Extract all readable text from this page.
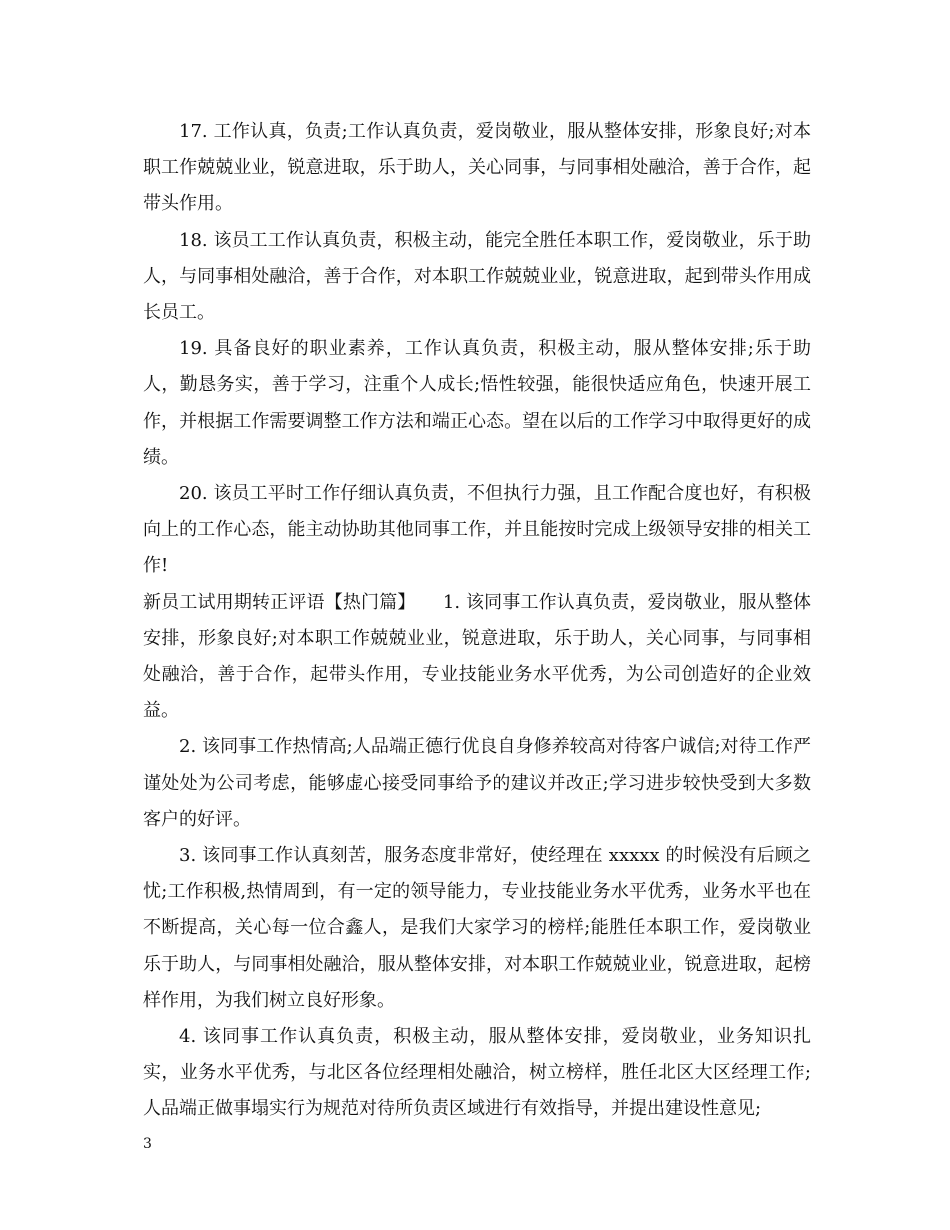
17. 工作认真，负责;工作认真负责，爱岗敬业，服从整体安排，形象良好;对本职工作兢兢业业，锐意进取，乐于助人，关心同事，与同事相处融洽，善于合作，起带头作用。

18. 该员工工作认真负责，积极主动，能完全胜任本职工作，爱岗敬业，乐于助人，与同事相处融洽，善于合作，对本职工作兢兢业业，锐意进取，起到带头作用成长员工。

19. 具备良好的职业素养，工作认真负责，积极主动，服从整体安排;乐于助人，勤恳务实，善于学习，注重个人成长;悟性较强，能很快适应角色，快速开展工作，并根据工作需要调整工作方法和端正心态。望在以后的工作学习中取得更好的成绩。

20. 该员工平时工作仔细认真负责，不但执行力强，且工作配合度也好，有积极向上的工作心态，能主动协助其他同事工作，并且能按时完成上级领导安排的相关工作!

新员工试用期转正评语【热门篇】　　1. 该同事工作认真负责，爱岗敬业，服从整体安排，形象良好;对本职工作兢兢业业，锐意进取，乐于助人，关心同事，与同事相处融洽，善于合作，起带头作用，专业技能业务水平优秀，为公司创造好的企业效益。

2. 该同事工作热情高;人品端正德行优良自身修养较高对待客户诚信;对待工作严谨处处为公司考虑，能够虚心接受同事给予的建议并改正;学习进步较快受到大多数客户的好评。

3. 该同事工作认真刻苦，服务态度非常好，使经理在 xxxxx 的时候没有后顾之忧;工作积极,热情周到，有一定的领导能力，专业技能业务水平优秀，业务水平也在不断提高，关心每一位合鑫人，是我们大家学习的榜样;能胜任本职工作，爱岗敬业乐于助人，与同事相处融洽，服从整体安排，对本职工作兢兢业业，锐意进取，起榜样作用，为我们树立良好形象。

4. 该同事工作认真负责，积极主动，服从整体安排，爱岗敬业，业务知识扎实，业务水平优秀，与北区各位经理相处融洽，树立榜样，胜任北区大区经理工作;人品端正做事塌实行为规范对待所负责区域进行有效指导，并提出建设性意见;

3
